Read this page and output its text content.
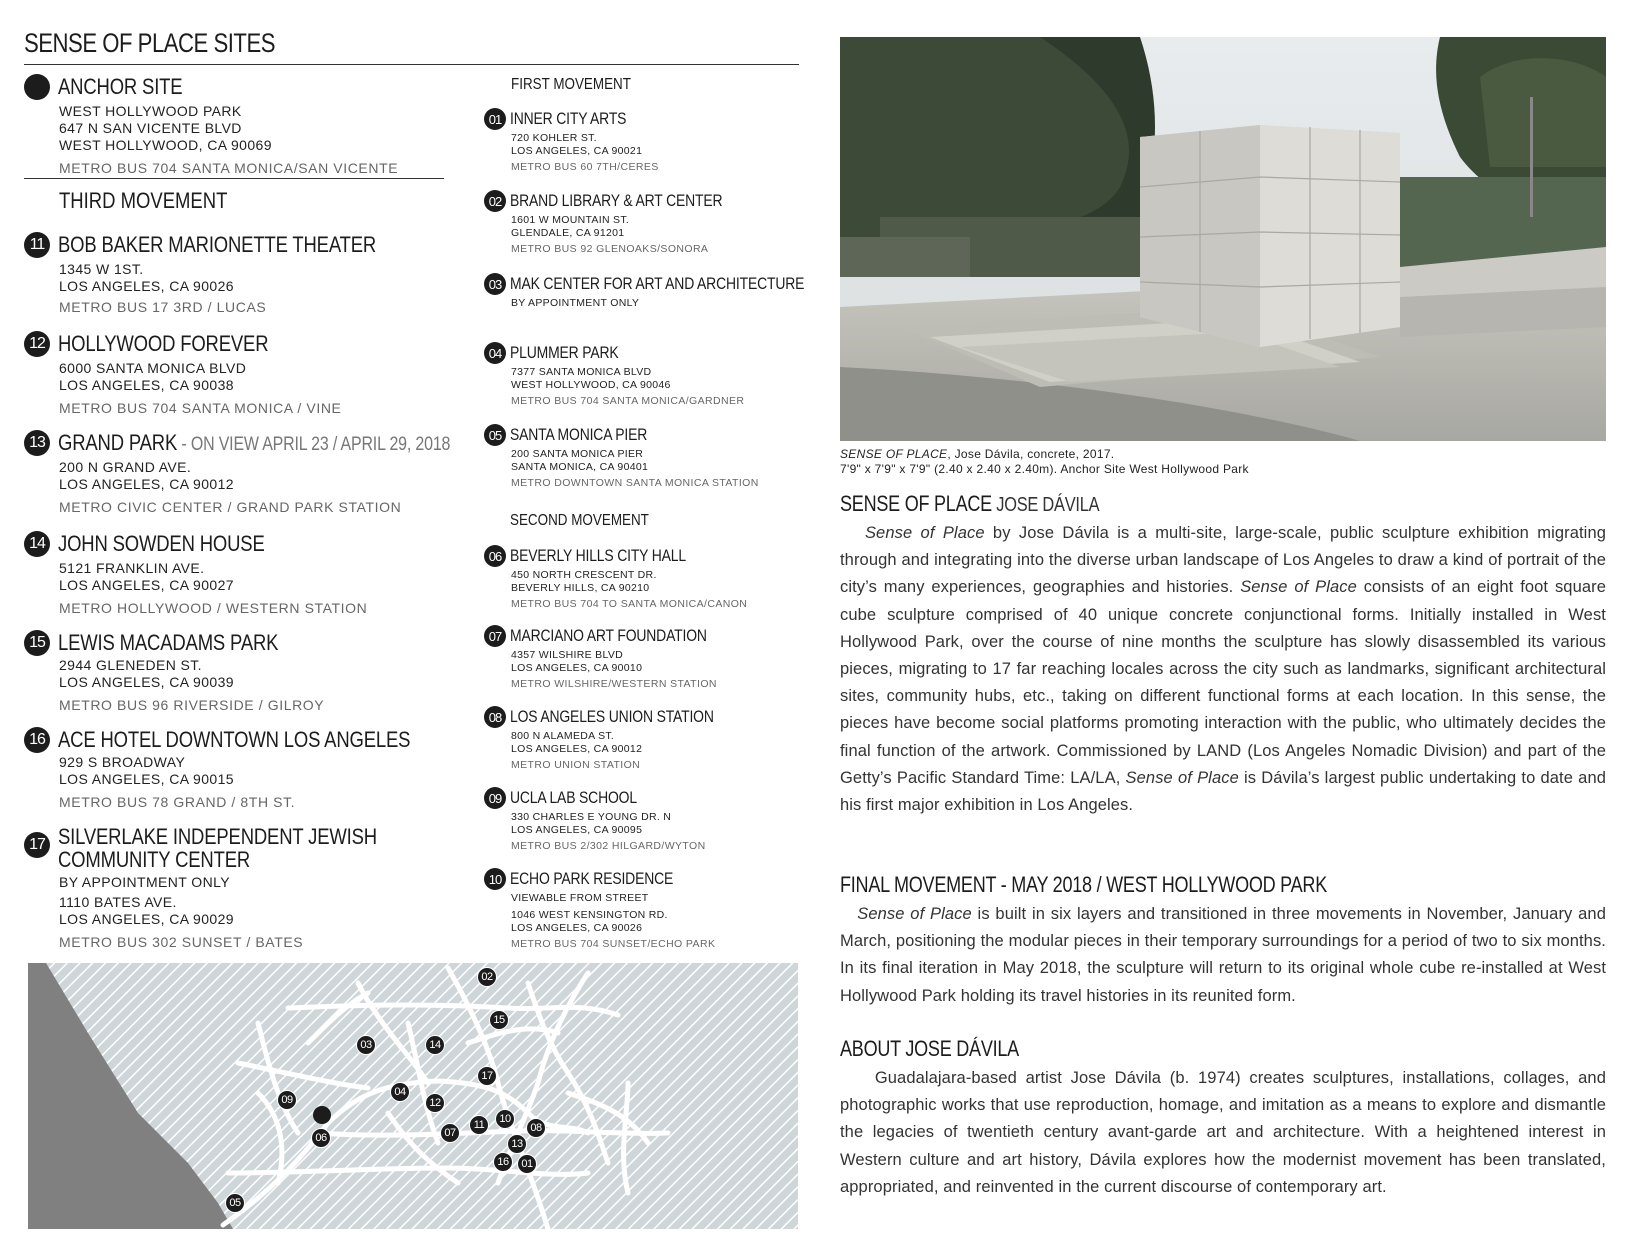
SENSE OF PLACE SITES
ANCHOR SITE
WEST HOLLYWOOD PARK
647 N SAN VICENTE BLVD
WEST HOLLYWOOD, CA 90069
METRO BUS 704 SANTA MONICA/SAN VICENTE
THIRD MOVEMENT
11 BOB BAKER MARIONETTE THEATER
1345 W 1ST.
LOS ANGELES, CA 90026
METRO BUS 17 3RD / LUCAS
12 HOLLYWOOD FOREVER
6000 SANTA MONICA BLVD
LOS ANGELES, CA 90038
METRO BUS 704 SANTA MONICA / VINE
13 GRAND PARK - ON VIEW APRIL 23 / APRIL 29, 2018
200 N GRAND AVE.
LOS ANGELES, CA 90012
METRO CIVIC CENTER / GRAND PARK STATION
14 JOHN SOWDEN HOUSE
5121 FRANKLIN AVE.
LOS ANGELES, CA 90027
METRO HOLLYWOOD / WESTERN STATION
15 LEWIS MACADAMS PARK
2944 GLENEDEN ST.
LOS ANGELES, CA 90039
METRO BUS 96 RIVERSIDE / GILROY
16 ACE HOTEL DOWNTOWN LOS ANGELES
929 S BROADWAY
LOS ANGELES, CA 90015
METRO BUS 78 GRAND / 8TH ST.
17 SILVERLAKE INDEPENDENT JEWISH
COMMUNITY CENTER
BY APPOINTMENT ONLY
1110 BATES AVE.
LOS ANGELES, CA 90029
METRO BUS 302 SUNSET / BATES
FIRST MOVEMENT
01 INNER CITY ARTS
720 KOHLER ST.
LOS ANGELES, CA 90021
METRO BUS 60 7TH/CERES
02 BRAND LIBRARY & ART CENTER
1601 W MOUNTAIN ST.
GLENDALE, CA 91201
METRO BUS 92 GLENOAKS/SONORA
03 MAK CENTER FOR ART AND ARCHITECTURE
BY APPOINTMENT ONLY
04 PLUMMER PARK
7377 SANTA MONICA BLVD
WEST HOLLYWOOD, CA 90046
METRO BUS 704 SANTA MONICA/GARDNER
05 SANTA MONICA PIER
200 SANTA MONICA PIER
SANTA MONICA, CA 90401
METRO DOWNTOWN SANTA MONICA STATION
SECOND MOVEMENT
06 BEVERLY HILLS CITY HALL
450 NORTH CRESCENT DR.
BEVERLY HILLS, CA 90210
METRO BUS 704 TO SANTA MONICA/CANON
07 MARCIANO ART FOUNDATION
4357 WILSHIRE BLVD
LOS ANGELES, CA 90010
METRO WILSHIRE/WESTERN STATION
08 LOS ANGELES UNION STATION
800 N ALAMEDA ST.
LOS ANGELES, CA 90012
METRO UNION STATION
09 UCLA LAB SCHOOL
330 CHARLES E YOUNG DR. N
LOS ANGELES, CA 90095
METRO BUS 2/302 HILGARD/WYTON
10 ECHO PARK RESIDENCE
VIEWABLE FROM STREET
1046 WEST KENSINGTON RD.
LOS ANGELES, CA 90026
METRO BUS 704 SUNSET/ECHO PARK
02
15
03	14
17
09
04
12
06	07
11	10
08
13
16	01
05
SENSE OF PLACE, Jose Dávila, concrete, 2017.
7'9" x 7'9" x 7'9" (2.40 x 2.40 x 2.40m). Anchor Site West Hollywood Park
SENSE OF PLACE JOSE DÁVILA
Sense of Place by Jose Dávila is a multi-site, large-scale, public sculpture exhibition migrating through and integrating into the diverse urban landscape of Los Angeles to draw a kind of portrait of the city’s many experiences, geographies and histories. Sense of Place consists of an eight foot square cube sculpture comprised of 40 unique concrete conjunctional forms. Initially installed in West Hollywood Park, over the course of nine months the sculpture has slowly disassembled its various pieces, migrating to 17 far reaching locales across the city such as landmarks, significant architectural sites, community hubs, etc., taking on different functional forms at each location. In this sense, the pieces have become social platforms promoting interaction with the public, who ultimately decides the final function of the artwork. Commissioned by LAND (Los Angeles Nomadic Division) and part of the Getty’s Pacific Standard Time: LA/LA, Sense of Place is Dávila’s largest public undertaking to date and his first major exhibition in Los Angeles.
FINAL MOVEMENT - MAY 2018 / WEST HOLLYWOOD PARK
Sense of Place is built in six layers and transitioned in three movements in November, January and March, positioning the modular pieces in their temporary surroundings for a period of two to six months. In its final iteration in May 2018, the sculpture will return to its original whole cube re-installed at West Hollywood Park holding its travel histories in its reunited form.
ABOUT JOSE DÁVILA
Guadalajara-based artist Jose Dávila (b. 1974) creates sculptures, installations, collages, and photographic works that use reproduction, homage, and imitation as a means to explore and dismantle the legacies of twentieth century avant-garde art and architecture. With a heightened interest in Western culture and art history, Dávila explores how the modernist movement has been translated, appropriated, and reinvented in the current discourse of contemporary art.
